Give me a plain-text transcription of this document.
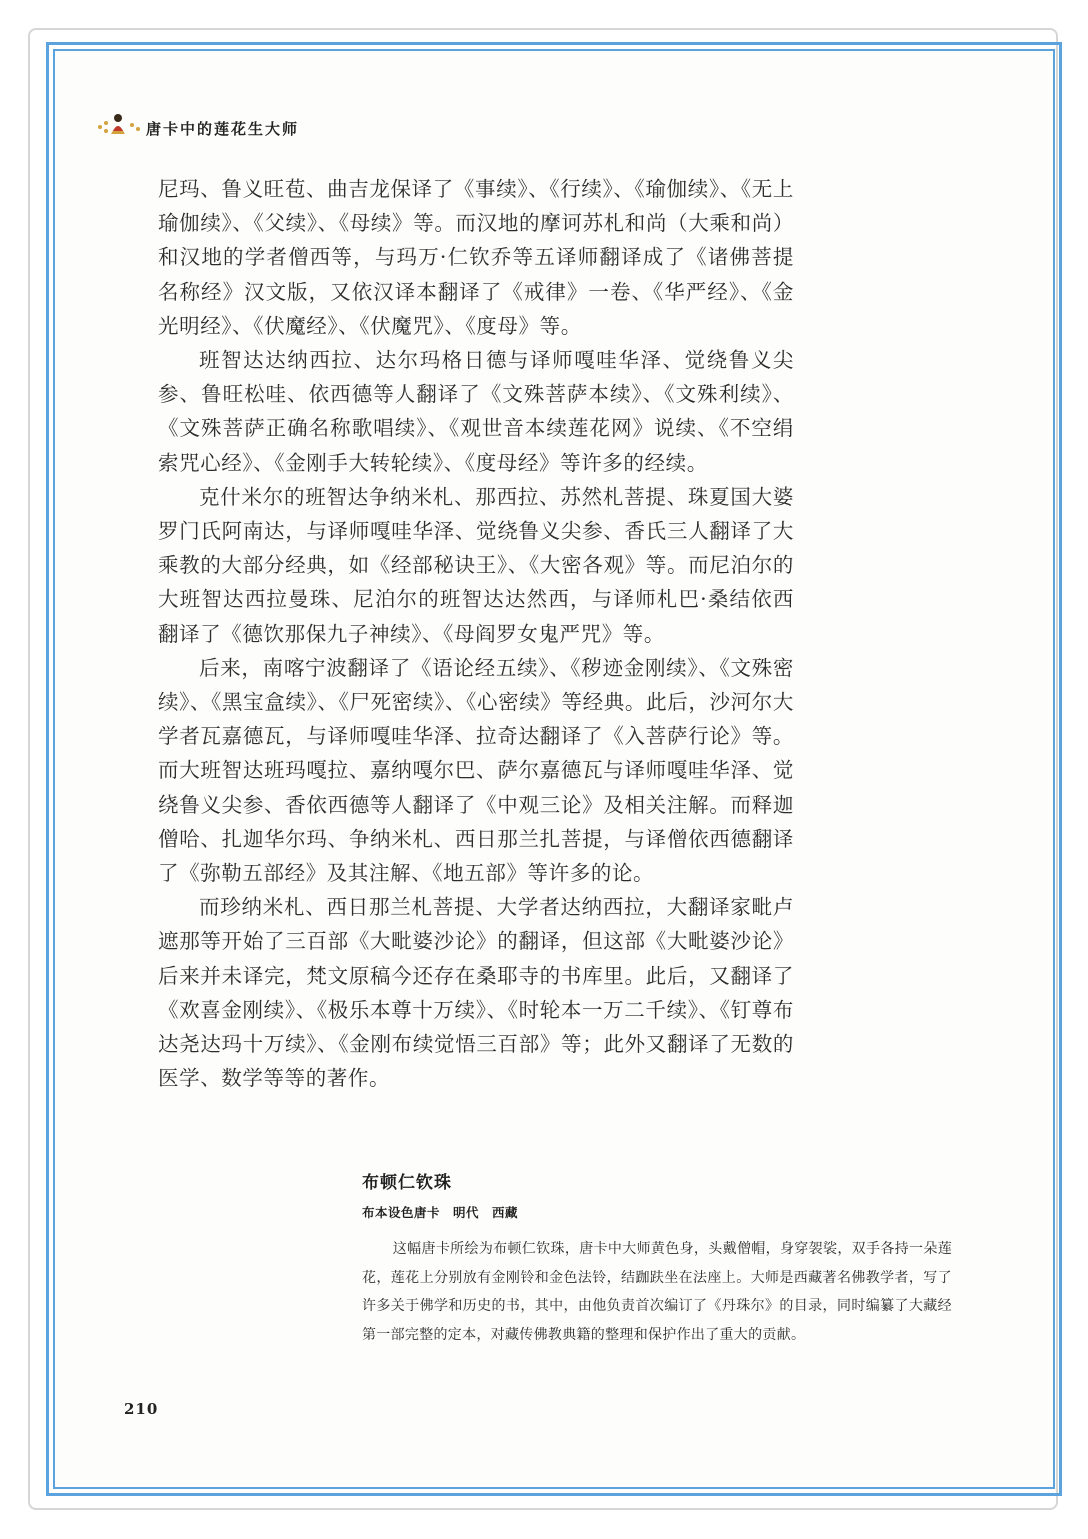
唐卡中的莲花生大师

尼玛、鲁义旺苞、曲吉龙保译了《事续》、《行续》、《瑜伽续》、《无上瑜伽续》、《父续》、《母续》等。而汉地的摩诃苏札和尚（大乘和尚）和汉地的学者僧西等，与玛万·仁钦乔等五译师翻译成了《诸佛菩提名称经》汉文版，又依汉译本翻译了《戒律》一卷、《华严经》、《金光明经》、《伏魔经》、《伏魔咒》、《度母》等。

班智达达纳西拉、达尔玛格日德与译师嘎哇华泽、觉绕鲁义尖参、鲁旺松哇、依西德等人翻译了《文殊菩萨本续》、《文殊利续》、《文殊菩萨正确名称歌唱续》、《观世音本续莲花网》说续、《不空绢索咒心经》、《金刚手大转轮续》、《度母经》等许多的经续。

克什米尔的班智达争纳米札、那西拉、苏然札菩提、珠夏国大婆罗门氏阿南达，与译师嘎哇华泽、觉绕鲁义尖参、香氏三人翻译了大乘教的大部分经典，如《经部秘诀王》、《大密各观》等。而尼泊尔的大班智达西拉曼珠、尼泊尔的班智达达然西，与译师札巴·桑结依西翻译了《德饮那保九子神续》、《母阎罗女鬼严咒》等。

后来，南喀宁波翻译了《语论经五续》、《秽迹金刚续》、《文殊密续》、《黑宝盒续》、《尸死密续》、《心密续》等经典。此后，沙河尔大学者瓦嘉德瓦，与译师嘎哇华泽、拉奇达翻译了《入菩萨行论》等。而大班智达班玛嘎拉、嘉纳嘎尔巴、萨尔嘉德瓦与译师嘎哇华泽、觉绕鲁义尖参、香依西德等人翻译了《中观三论》及相关注解。而释迦僧哈、扎迦华尔玛、争纳米札、西日那兰扎菩提，与译僧依西德翻译了《弥勒五部经》及其注解、《地五部》等许多的论。

而珍纳米札、西日那兰札菩提、大学者达纳西拉，大翻译家毗卢遮那等开始了三百部《大毗婆沙论》的翻译，但这部《大毗婆沙论》后来并未译完，梵文原稿今还存在桑耶寺的书库里。此后，又翻译了《欢喜金刚续》、《极乐本尊十万续》、《时轮本一万二千续》、《钉尊布达尧达玛十万续》、《金刚布续觉悟三百部》等；此外又翻译了无数的医学、数学等等的著作。

布顿仁钦珠
布本设色唐卡　明代　西藏
这幅唐卡所绘为布顿仁钦珠，唐卡中大师黄色身，头戴僧帽，身穿袈裟，双手各持一朵莲花，莲花上分别放有金刚铃和金色法铃，结跏趺坐在法座上。大师是西藏著名佛教学者，写了许多关于佛学和历史的书，其中，由他负责首次编订了《丹珠尔》的目录，同时编纂了大藏经第一部完整的定本，对藏传佛教典籍的整理和保护作出了重大的贡献。
210
